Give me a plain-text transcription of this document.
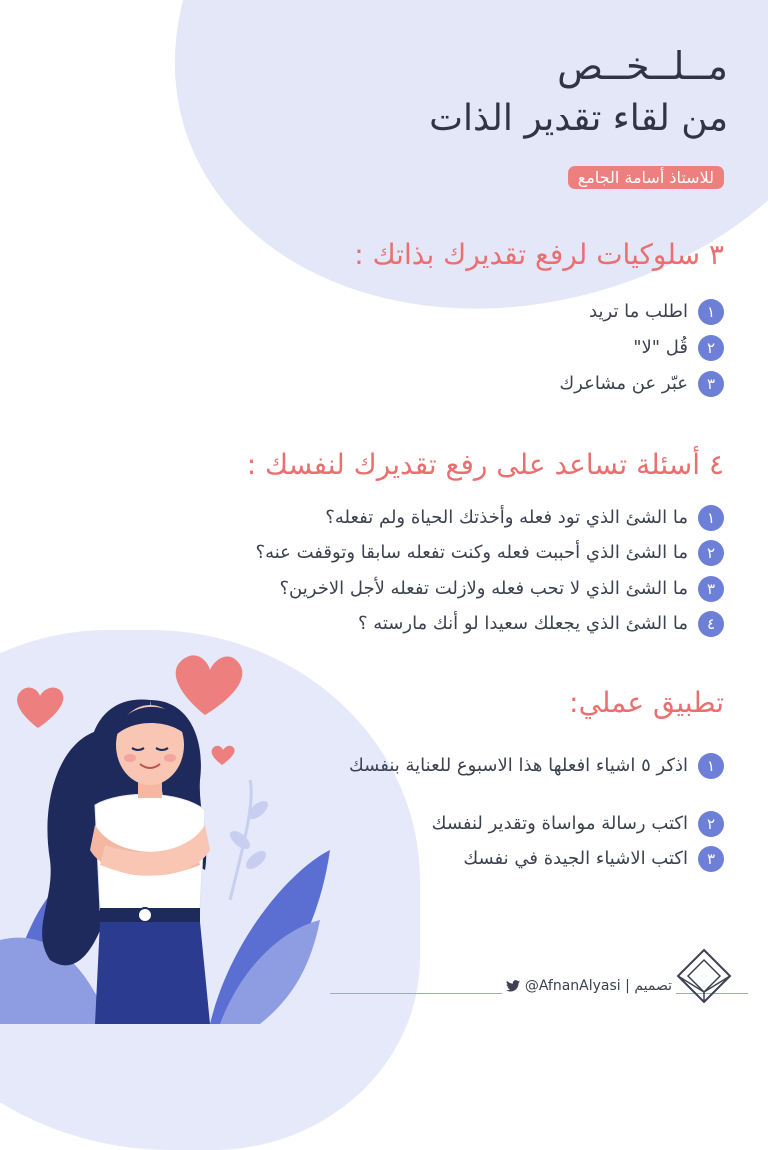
مــلــخــص
من لقاء تقدير الذات
للاستاذ أسامة الجامع
٣ سلوكيات لرفع تقديرك بذاتك :
١
اطلب ما تريد
٢
قُل "لا"
٣
عبّر عن مشاعرك
٤ أسئلة تساعد على رفع تقديرك لنفسك :
١
ما الشئ الذي تود فعله وأخذتك الحياة ولم تفعله؟
٢
ما الشئ الذي أحببت فعله وكنت تفعله سابقا وتوقفت عنه؟
٣
ما الشئ الذي لا تحب فعله ولازلت تفعله لأجل الاخرين؟
٤
ما الشئ الذي يجعلك سعيدا لو أنك مارسته ؟
تطبيق عملي:
١
اذكر ٥ اشياء افعلها هذا الاسبوع للعناية بنفسك
٢
اكتب رسالة مواساة وتقدير لنفسك
٣
اكتب الاشياء الجيدة في نفسك
تصميم | @AfnanAlyasi
